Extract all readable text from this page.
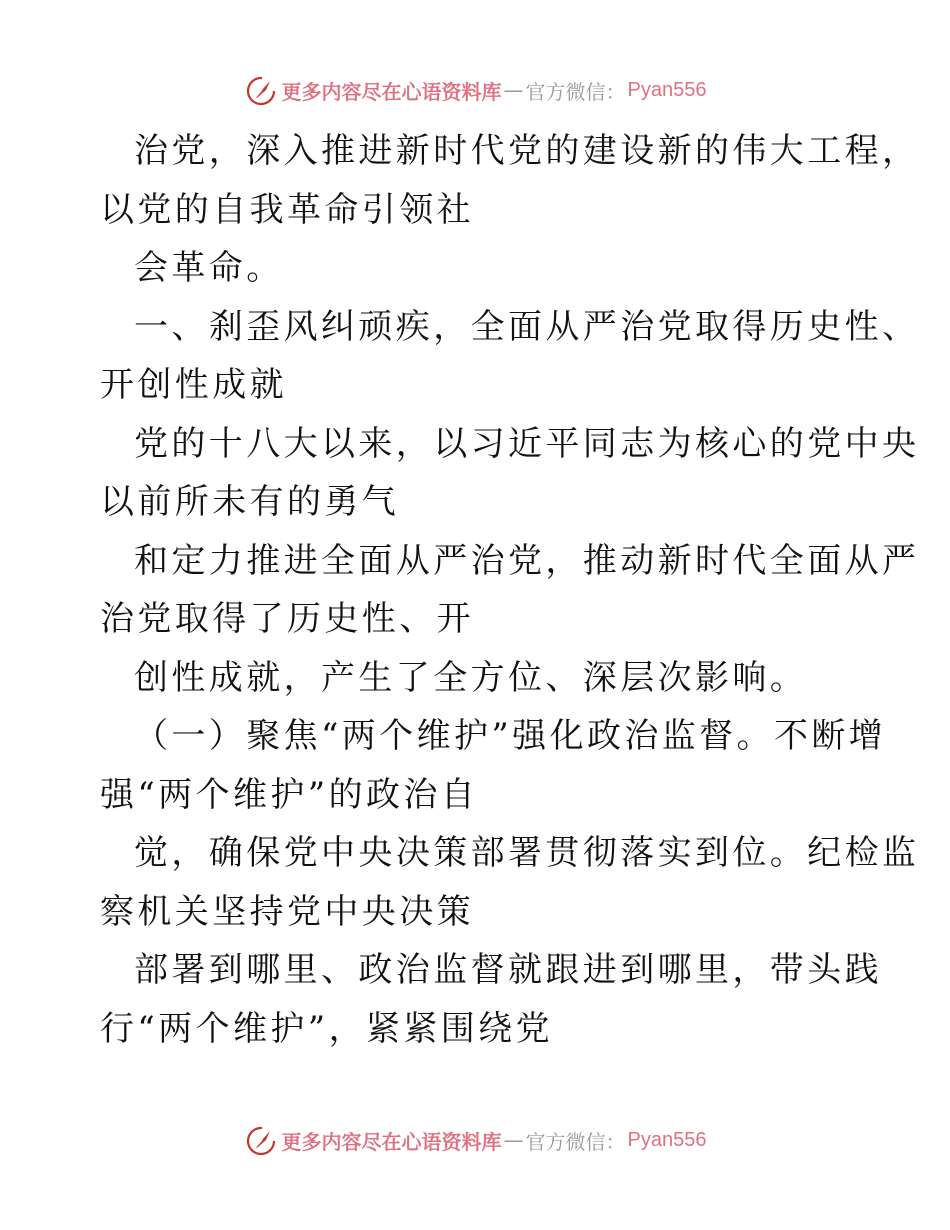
更多内容尽在心语资料库 — 官方微信： Pyan556
治党，深入推进新时代党的建设新的伟大工程，
以党的自我革命引领社
会革命。
一、刹歪风纠顽疾，全面从严治党取得历史性、
开创性成就
党的十八大以来，以习近平同志为核心的党中央
以前所未有的勇气
和定力推进全面从严治党，推动新时代全面从严
治党取得了历史性、开
创性成就，产生了全方位、深层次影响。
（一）聚焦“两个维护”强化政治监督。不断增
强“两个维护”的政治自
觉，确保党中央决策部署贯彻落实到位。纪检监
察机关坚持党中央决策
部署到哪里、政治监督就跟进到哪里，带头践
行“两个维护”，紧紧围绕党
更多内容尽在心语资料库 — 官方微信： Pyan556
